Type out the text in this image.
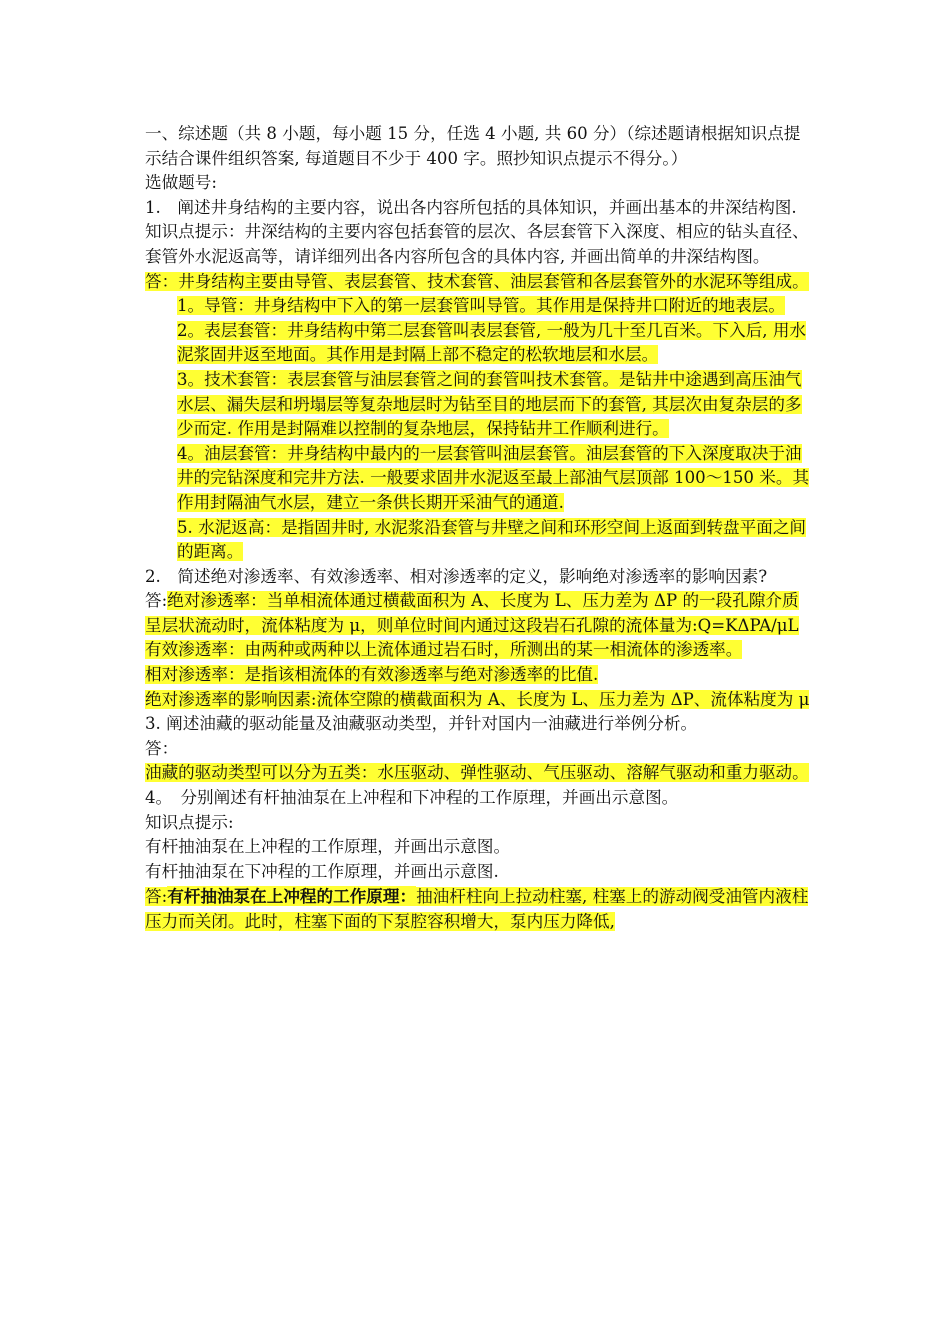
一、综述题（共 8 小题，每小题 15 分，任选 4 小题, 共 60 分）（综述题请根据知识点提示结合课件组织答案, 每道题目不少于 400 字。照抄知识点提示不得分。）

选做题号:

1.　阐述井身结构的主要内容，说出各内容所包括的具体知识，并画出基本的井深结构图.

知识点提示：井深结构的主要内容包括套管的层次、各层套管下入深度、相应的钻头直径、套管外水泥返高等，请详细列出各内容所包含的具体内容, 并画出简单的井深结构图。

答：井身结构主要由导管、表层套管、技术套管、油层套管和各层套管外的水泥环等组成。

1。导管：井身结构中下入的第一层套管叫导管。其作用是保持井口附近的地表层。

2。表层套管：井身结构中第二层套管叫表层套管, 一般为几十至几百米。下入后, 用水泥浆固井返至地面。其作用是封隔上部不稳定的松软地层和水层。

3。技术套管：表层套管与油层套管之间的套管叫技术套管。是钻井中途遇到高压油气水层、漏失层和坍塌层等复杂地层时为钻至目的地层而下的套管, 其层次由复杂层的多少而定. 作用是封隔难以控制的复杂地层，保持钻井工作顺利进行。

4。油层套管：井身结构中最内的一层套管叫油层套管。油层套管的下入深度取决于油井的完钻深度和完井方法. 一般要求固井水泥返至最上部油气层顶部 100～150 米。其作用封隔油气水层，建立一条供长期开采油气的通道.

5. 水泥返高：是指固井时, 水泥浆沿套管与井壁之间和环形空间上返面到转盘平面之间的距离。

2.　简述绝对渗透率、有效渗透率、相对渗透率的定义，影响绝对渗透率的影响因素?

答:绝对渗透率：当单相流体通过横截面积为 A、长度为 L、压力差为 ΔP 的一段孔隙介质呈层状流动时，流体粘度为 μ，则单位时间内通过这段岩石孔隙的流体量为:Q=KΔPA/μL

有效渗透率：由两种或两种以上流体通过岩石时，所测出的某一相流体的渗透率。

相对渗透率：是指该相流体的有效渗透率与绝对渗透率的比值.

绝对渗透率的影响因素:流体空隙的横截面积为 A、长度为 L、压力差为 ΔP、流体粘度为 μ

3. 阐述油藏的驱动能量及油藏驱动类型，并针对国内一油藏进行举例分析。

答：

油藏的驱动类型可以分为五类：水压驱动、弹性驱动、气压驱动、溶解气驱动和重力驱动。

4。　分别阐述有杆抽油泵在上冲程和下冲程的工作原理，并画出示意图。

知识点提示:

有杆抽油泵在上冲程的工作原理，并画出示意图。

有杆抽油泵在下冲程的工作原理，并画出示意图.

答:有杆抽油泵在上冲程的工作原理：抽油杆柱向上拉动柱塞, 柱塞上的游动阀受油管内液柱压力而关闭。此时，柱塞下面的下泵腔容积增大，泵内压力降低,
